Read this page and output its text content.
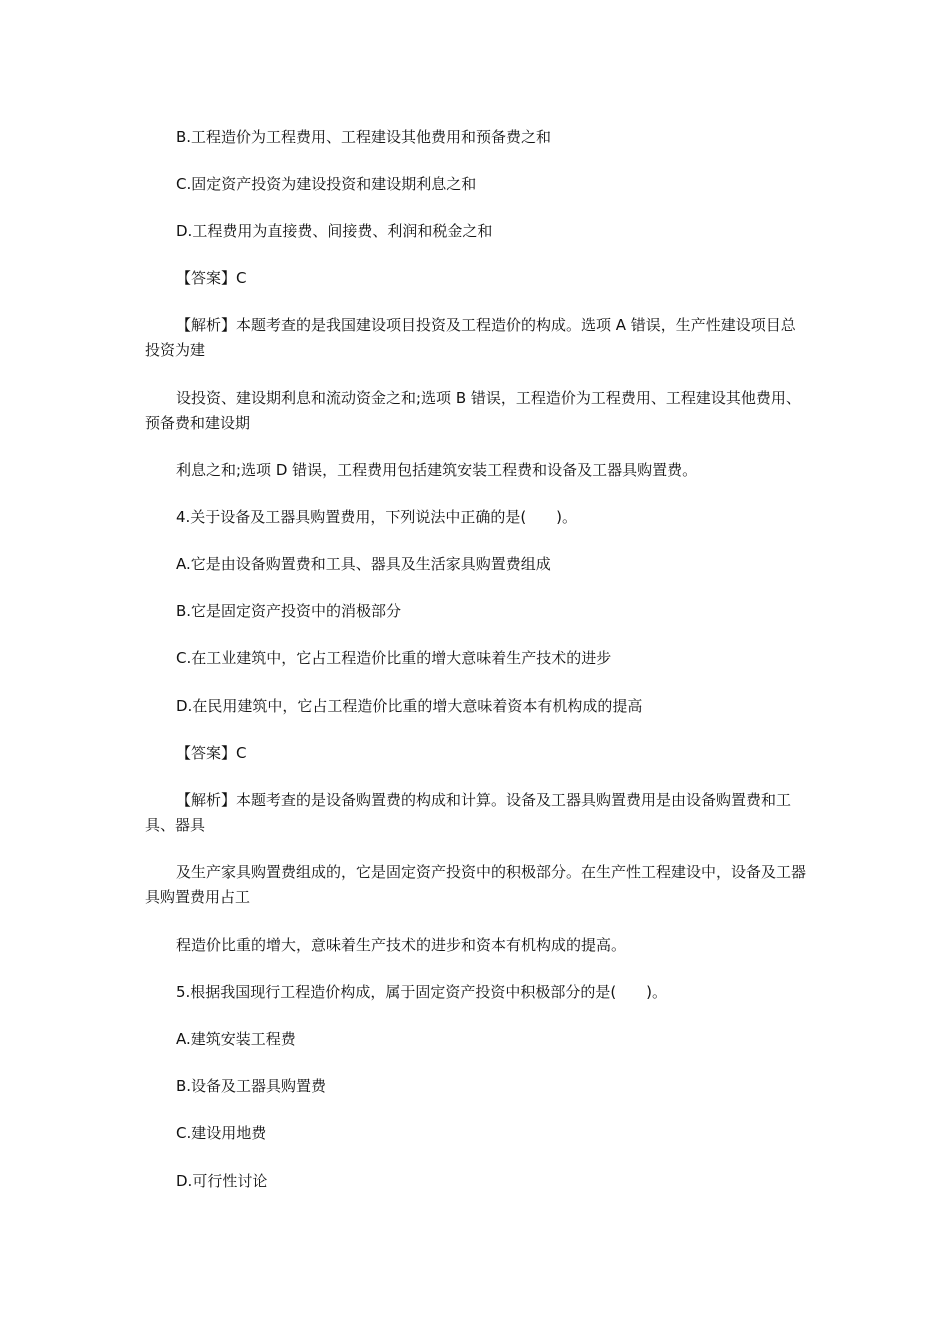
B.工程造价为工程费用、工程建设其他费用和预备费之和
C.固定资产投资为建设投资和建设期利息之和
D.工程费用为直接费、间接费、利润和税金之和
【答案】C
【解析】本题考查的是我国建设项目投资及工程造价的构成。选项 A 错误，生产性建设项目总投资为建
设投资、建设期利息和流动资金之和;选项 B 错误，工程造价为工程费用、工程建设其他费用、预备费和建设期
利息之和;选项 D 错误，工程费用包括建筑安装工程费和设备及工器具购置费。
4.关于设备及工器具购置费用，下列说法中正确的是(　　)。
A.它是由设备购置费和工具、器具及生活家具购置费组成
B.它是固定资产投资中的消极部分
C.在工业建筑中，它占工程造价比重的增大意味着生产技术的进步
D.在民用建筑中，它占工程造价比重的增大意味着资本有机构成的提高
【答案】C
【解析】本题考查的是设备购置费的构成和计算。设备及工器具购置费用是由设备购置费和工具、器具
及生产家具购置费组成的，它是固定资产投资中的积极部分。在生产性工程建设中，设备及工器具购置费用占工
程造价比重的增大，意味着生产技术的进步和资本有机构成的提高。
5.根据我国现行工程造价构成，属于固定资产投资中积极部分的是(　　)。
A.建筑安装工程费
B.设备及工器具购置费
C.建设用地费
D.可行性讨论
